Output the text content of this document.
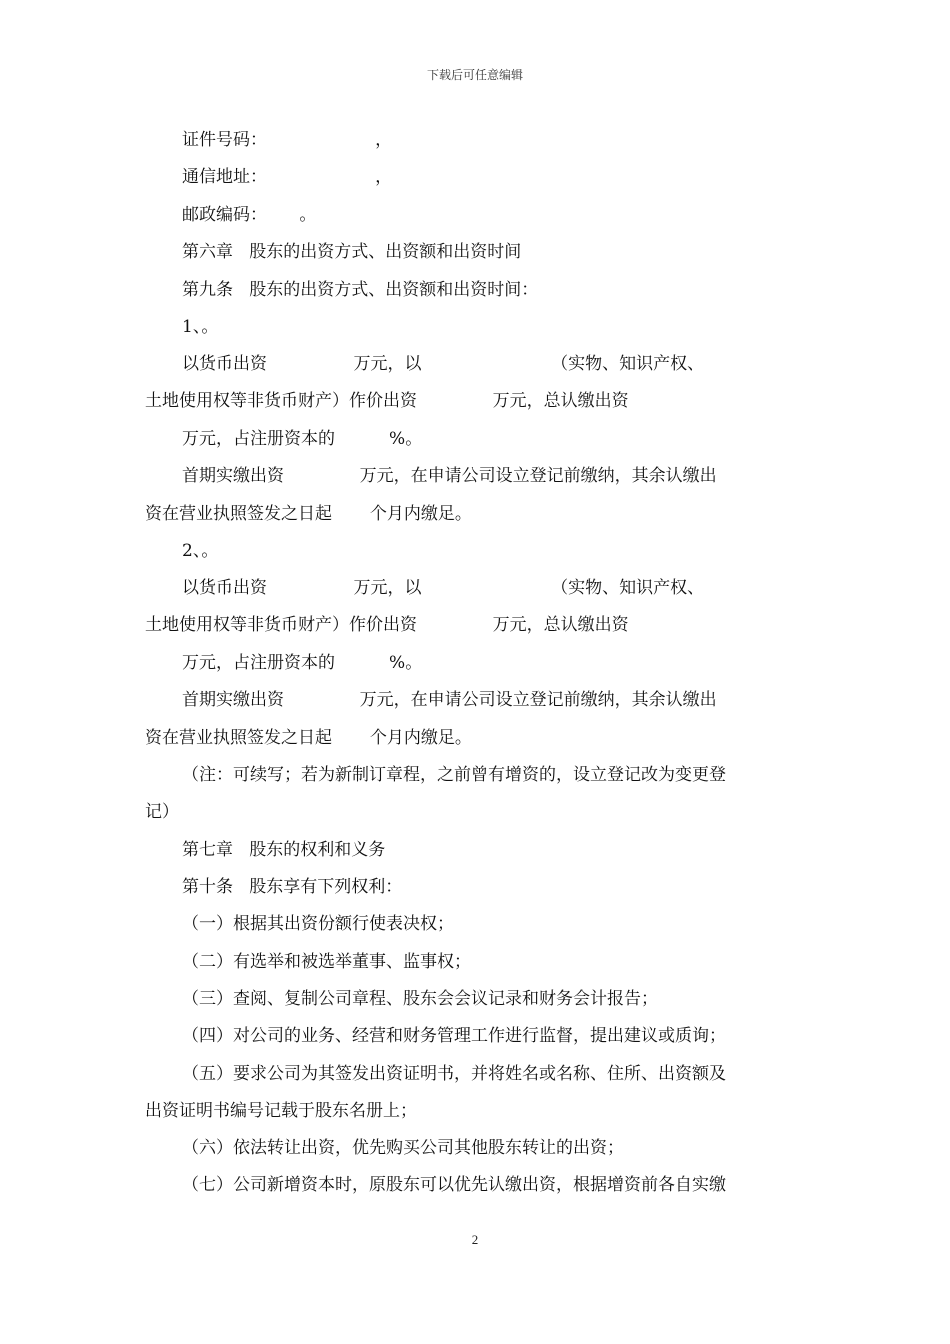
下载后可任意编辑
证件号码：                    ，
通信地址：                    ，
邮政编码：      。
第六章   股东的出资方式、出资额和出资时间
第九条   股东的出资方式、出资额和出资时间：
1、。
以货币出资                万元，以                        （实物、知识产权、
土地使用权等非货币财产）作价出资              万元，总认缴出资
万元，占注册资本的          %。
首期实缴出资              万元，在申请公司设立登记前缴纳，其余认缴出
资在营业执照签发之日起       个月内缴足。
2、。
以货币出资                万元，以                        （实物、知识产权、
土地使用权等非货币财产）作价出资              万元，总认缴出资
万元，占注册资本的          %。
首期实缴出资              万元，在申请公司设立登记前缴纳，其余认缴出
资在营业执照签发之日起       个月内缴足。
（注：可续写；若为新制订章程，之前曾有增资的，设立登记改为变更登
记）
第七章   股东的权利和义务
第十条   股东享有下列权利：
（一）根据其出资份额行使表决权；
（二）有选举和被选举董事、监事权；
（三）查阅、复制公司章程、股东会会议记录和财务会计报告；
（四）对公司的业务、经营和财务管理工作进行监督，提出建议或质询；
（五）要求公司为其签发出资证明书，并将姓名或名称、住所、出资额及
出资证明书编号记载于股东名册上；
（六）依法转让出资，优先购买公司其他股东转让的出资；
（七）公司新增资本时，原股东可以优先认缴出资，根据增资前各自实缴
2
